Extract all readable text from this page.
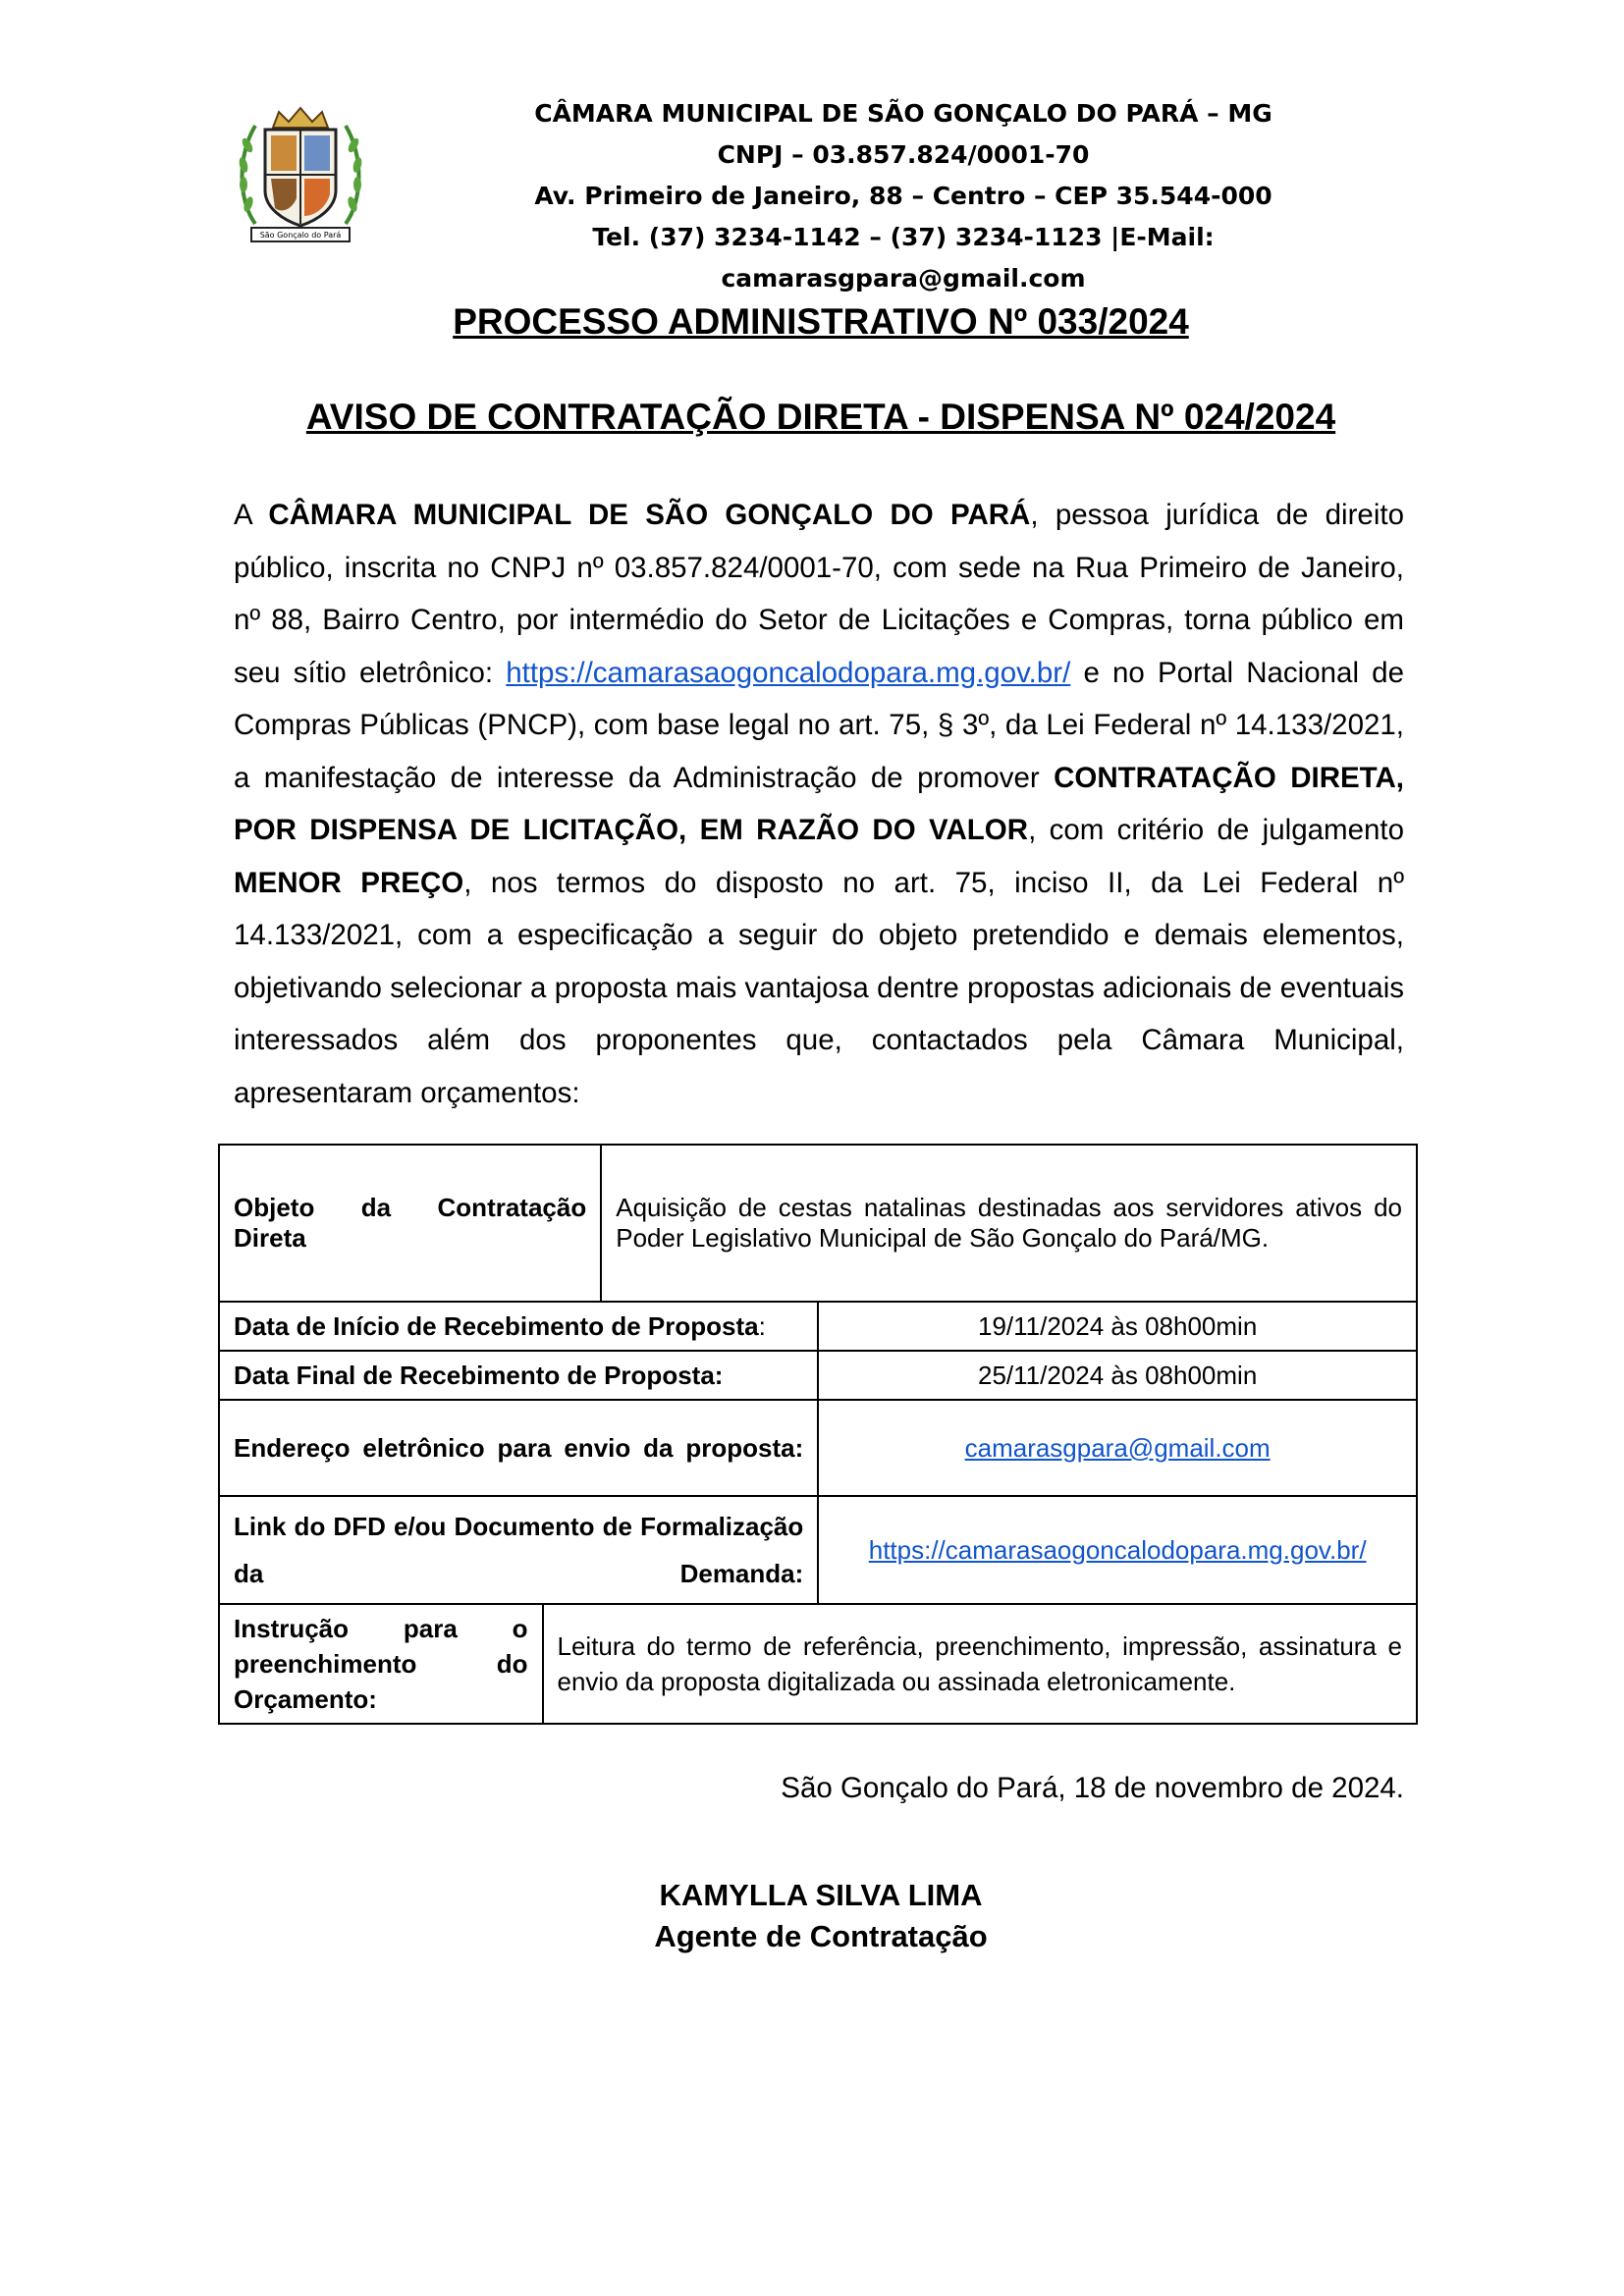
São Gonçalo do Pará
CÂMARA MUNICIPAL DE SÃO GONÇALO DO PARÁ – MG
CNPJ – 03.857.824/0001-70
Av. Primeiro de Janeiro, 88 – Centro – CEP 35.544-000
Tel. (37) 3234-1142 – (37) 3234-1123 |E-Mail: camarasgpara@gmail.com
PROCESSO ADMINISTRATIVO Nº 033/2024
AVISO DE CONTRATAÇÃO DIRETA - DISPENSA Nº 024/2024
A CÂMARA MUNICIPAL DE SÃO GONÇALO DO PARÁ, pessoa jurídica de direito público, inscrita no CNPJ nº 03.857.824/0001-70, com sede na Rua Primeiro de Janeiro, nº 88, Bairro Centro, por intermédio do Setor de Licitações e Compras, torna público em seu sítio eletrônico: https://camarasaogoncalodopara.mg.gov.br/ e no Portal Nacional de Compras Públicas (PNCP), com base legal no art. 75, § 3º, da Lei Federal nº 14.133/2021, a manifestação de interesse da Administração de promover CONTRATAÇÃO DIRETA, POR DISPENSA DE LICITAÇÃO, EM RAZÃO DO VALOR, com critério de julgamento MENOR PREÇO, nos termos do disposto no art. 75, inciso II, da Lei Federal nº 14.133/2021, com a especificação a seguir do objeto pretendido e demais elementos, objetivando selecionar a proposta mais vantajosa dentre propostas adicionais de eventuais interessados além dos proponentes que, contactados pela Câmara Municipal, apresentaram orçamentos:
Objeto da Contratação Direta		Aquisição de cestas natalinas destinadas aos servidores ativos do Poder Legislativo Municipal de São Gonçalo do Pará/MG.	
Data de Início de Recebimento de Proposta:			19/11/2024 às 08h00min
Data Final de Recebimento de Proposta:			25/11/2024 às 08h00min
Endereço eletrônico para envio da proposta:			camarasgpara@gmail.com
Link do DFD e/ou Documento de Formalização da Demanda:			https://camarasaogoncalodopara.mg.gov.br/
Instrução para o preenchimento do Orçamento:	Leitura do termo de referência, preenchimento, impressão, assinatura e envio da proposta digitalizada ou assinada eletronicamente.		
São Gonçalo do Pará, 18 de novembro de 2024.
KAMYLLA SILVA LIMA
Agente de Contratação
